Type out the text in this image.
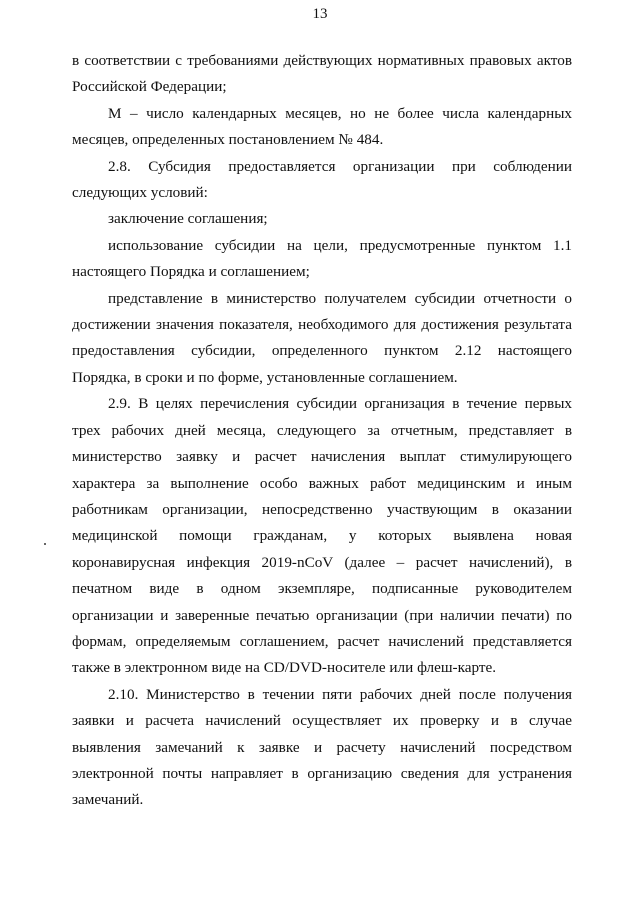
13
в соответствии с требованиями действующих нормативных правовых актов
Российской Федерации;
М – число календарных месяцев, но не более числа календарных
месяцев, определенных постановлением № 484.
2.8. Субсидия предоставляется организации при соблюдении
следующих условий:
заключение соглашения;
использование субсидии на цели, предусмотренные пунктом 1.1
настоящего Порядка и соглашением;
представление в министерство получателем субсидии отчетности о
достижении значения показателя, необходимого для достижения результата
предоставления субсидии, определенного пунктом 2.12 настоящего
Порядка, в сроки и по форме, установленные соглашением.
2.9. В целях перечисления субсидии организация в течение первых
трех рабочих дней месяца, следующего за отчетным, представляет в
министерство заявку и расчет начисления выплат стимулирующего
характера за выполнение особо важных работ медицинским и иным
работникам организации, непосредственно участвующим в оказании
медицинской помощи гражданам, у которых выявлена новая
коронавирусная инфекция 2019-nCoV (далее – расчет начислений), в
печатном виде в одном экземпляре, подписанные руководителем
организации и заверенные печатью организации (при наличии печати) по
формам, определяемым соглашением, расчет начислений представляется
также в электронном виде на CD/DVD-носителе или флеш-карте.
2.10. Министерство в течении пяти рабочих дней после получения
заявки и расчета начислений осуществляет их проверку и в случае
выявления замечаний к заявке и расчету начислений посредством
электронной почты направляет в организацию сведения для устранения
замечаний.
